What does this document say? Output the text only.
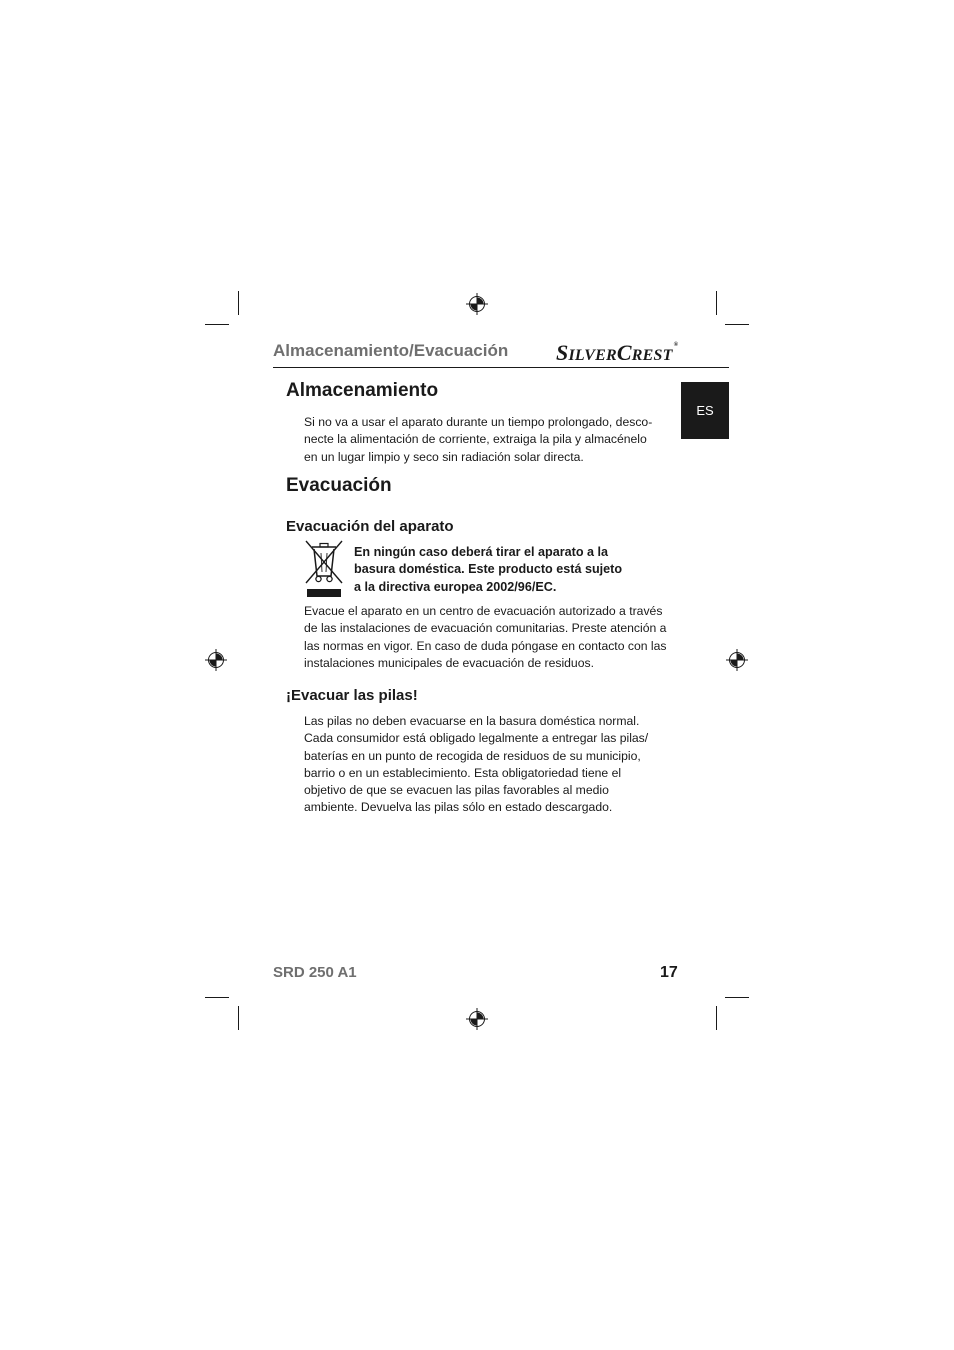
Almacenamiento/Evacuación SILVERCREST®
ES
Almacenamiento

Si no va a usar el aparato durante un tiempo prolongado, desco-

necte la alimentación de corriente, extraiga la pila y almacénelo

en un lugar limpio y seco sin radiación solar directa.

Evacuación
Evacuación del aparato

En ningún caso deberá tirar el aparato a la

basura doméstica. Este producto está sujeto

a la directiva europea 2002/96/EC.

Evacue el aparato en un centro de evacuación autorizado a través

de las instalaciones de evacuación comunitarias. Preste atención a

las normas en vigor. En caso de duda póngase en contacto con las

instalaciones municipales de evacuación de residuos.

¡Evacuar las pilas!

Las pilas no deben evacuarse en la basura doméstica normal.

Cada consumidor está obligado legalmente a entregar las pilas/

baterías en un punto de recogida de residuos de su municipio,

barrio o en un establecimiento. Esta obligatoriedad tiene el

objetivo de que se evacuen las pilas favorables al medio

ambiente. Devuelva las pilas sólo en estado descargado.

SRD 250 A1	17
